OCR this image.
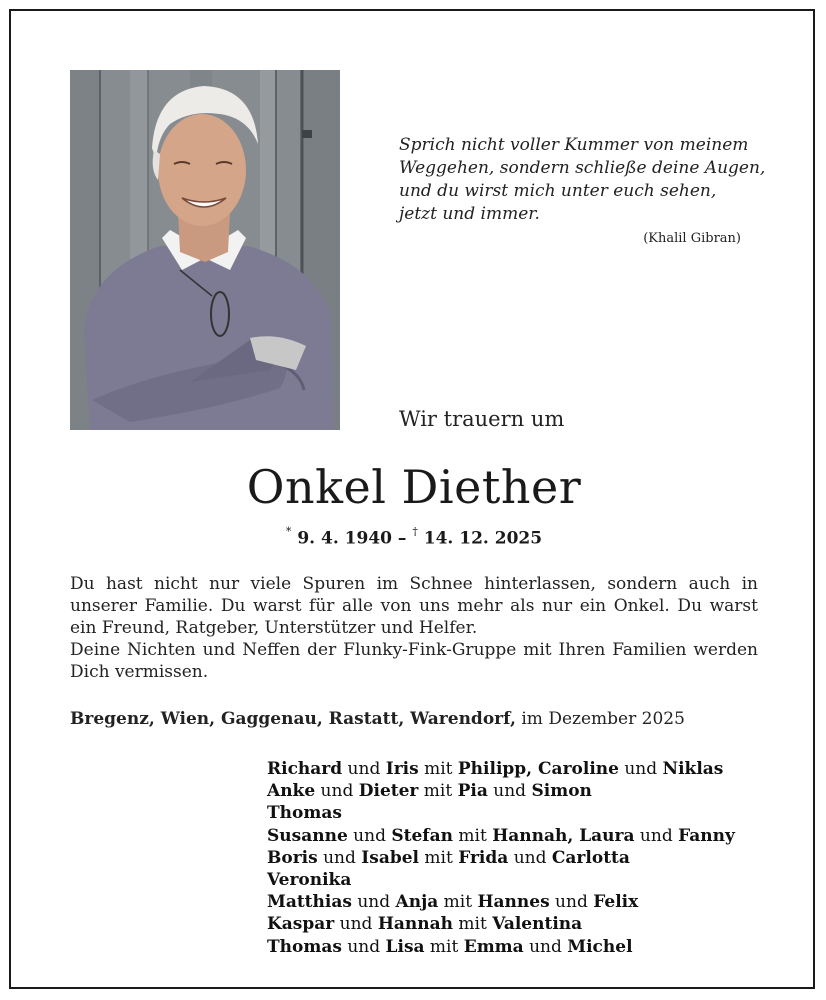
Sprich nicht voller Kummer von meinem
Weggehen, sondern schließe deine Augen,
und du wirst mich unter euch sehen,
jetzt und immer.
(Khalil Gibran)
Wir trauern um
Onkel Diether
* 9. 4. 1940 – † 14. 12. 2025

Du hast nicht nur viele Spuren im Schnee hinterlassen, sondern auch in unserer Familie. Du warst für alle von uns mehr als nur ein Onkel. Du warst ein Freund, Ratgeber, Unterstützer und Helfer.

Deine Nichten und Neffen der Flunky-Fink-Gruppe mit Ihren Familien werden Dich vermissen.

Bregenz, Wien, Gaggenau, Rastatt, Warendorf, im Dezember 2025
Richard und Iris mit Philipp, Caroline und Niklas
Anke und Dieter mit Pia und Simon
Thomas
Susanne und Stefan mit Hannah, Laura und Fanny
Boris und Isabel mit Frida und Carlotta
Veronika
Matthias und Anja mit Hannes und Felix
Kaspar und Hannah mit Valentina
Thomas und Lisa mit Emma und Michel
